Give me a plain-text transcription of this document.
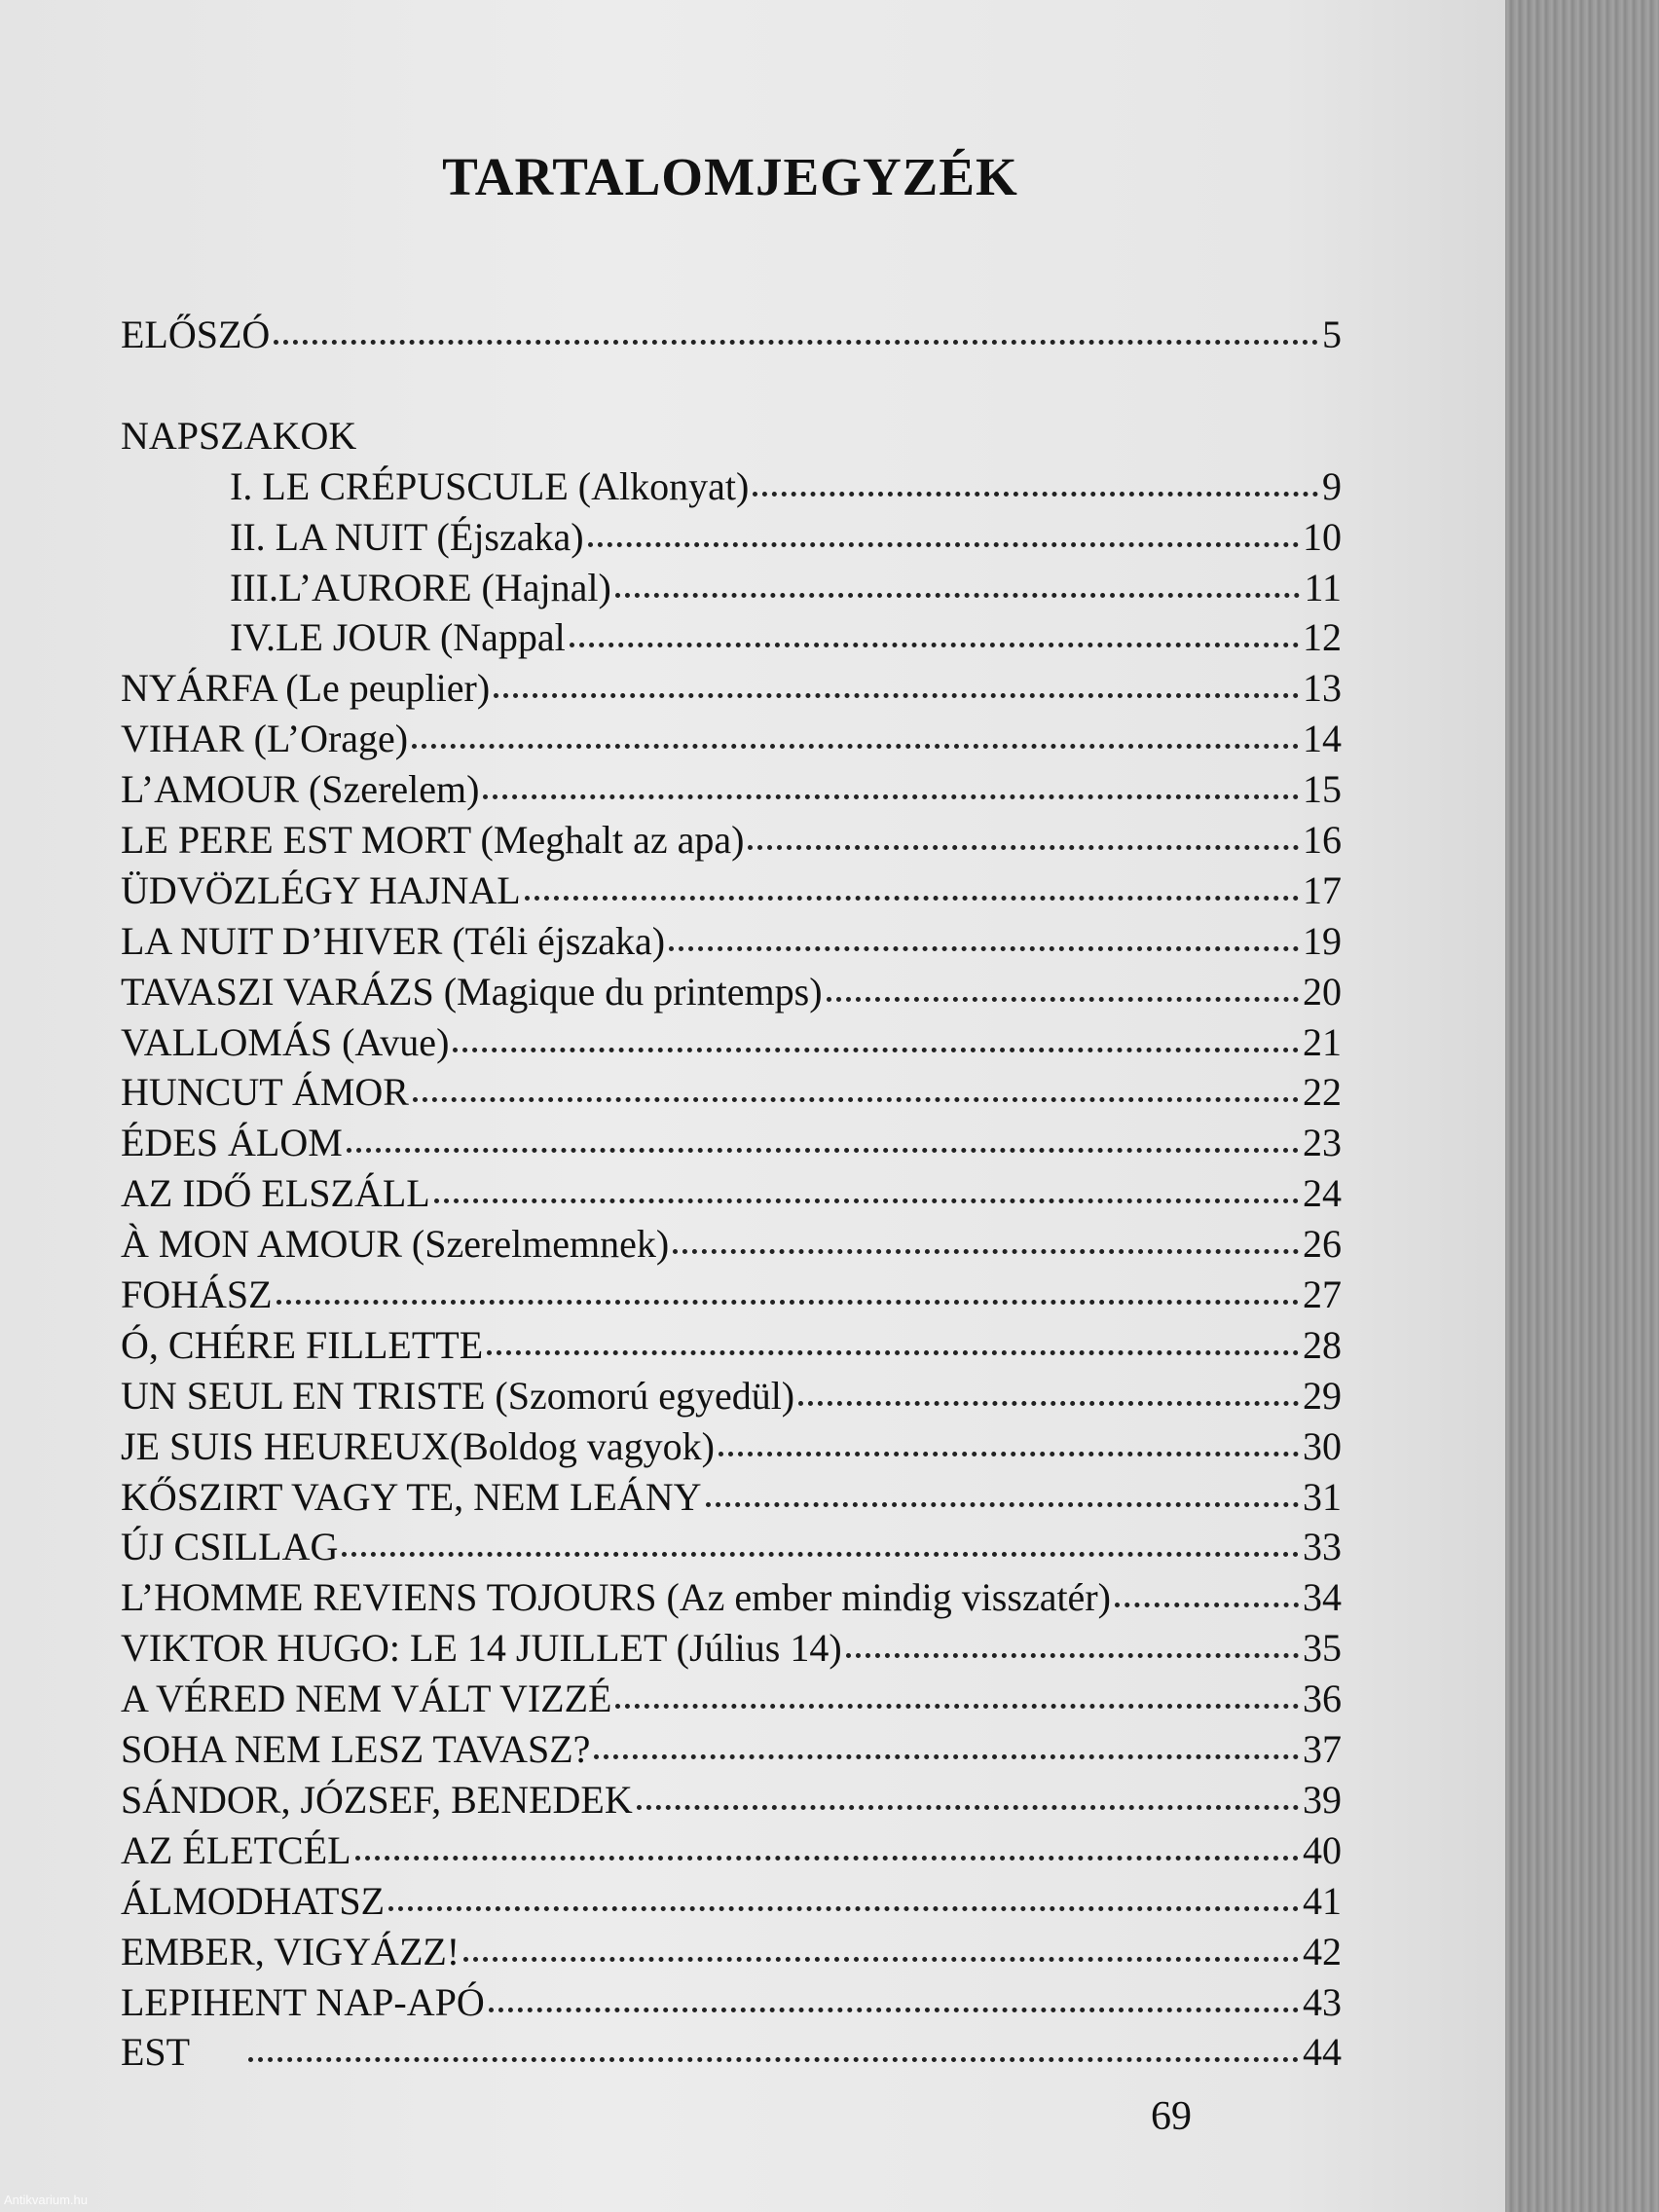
TARTALOMJEGYZÉK
ELŐSZÓ	5
NAPSZAKOK
I. LE CRÉPUSCULE (Alkonyat)	9
II. LA NUIT (Éjszaka)	10
III.L’AURORE (Hajnal)	11
IV.LE JOUR (Nappal	12
NYÁRFA (Le peuplier)	13
VIHAR (L’Orage)	14
L’AMOUR (Szerelem)	15
LE PERE EST MORT (Meghalt az apa)	16
ÜDVÖZLÉGY HAJNAL	17
LA NUIT D’HIVER (Téli éjszaka)	19
TAVASZI VARÁZS (Magique du printemps)	20
VALLOMÁS (Avue)	21
HUNCUT ÁMOR	22
ÉDES ÁLOM	23
AZ IDŐ ELSZÁLL	24
À MON AMOUR (Szerelmemnek)	26
FOHÁSZ	27
Ó, CHÉRE FILLETTE	28
UN SEUL EN TRISTE (Szomorú egyedül)	29
JE SUIS HEUREUX(Boldog vagyok)	30
KŐSZIRT VAGY TE, NEM LEÁNY	31
ÚJ CSILLAG	33
L’HOMME REVIENS TOJOURS (Az ember mindig visszatér)	34
VIKTOR HUGO: LE 14 JUILLET (Július 14)	35
A VÉRED NEM VÁLT VIZZÉ	36
SOHA NEM LESZ TAVASZ?	37
SÁNDOR, JÓZSEF, BENEDEK	39
AZ ÉLETCÉL	40
ÁLMODHATSZ	41
EMBER, VIGYÁZZ!	42
LEPIHENT NAP-APÓ	43
EST	44
69
Antikvarium.hu
